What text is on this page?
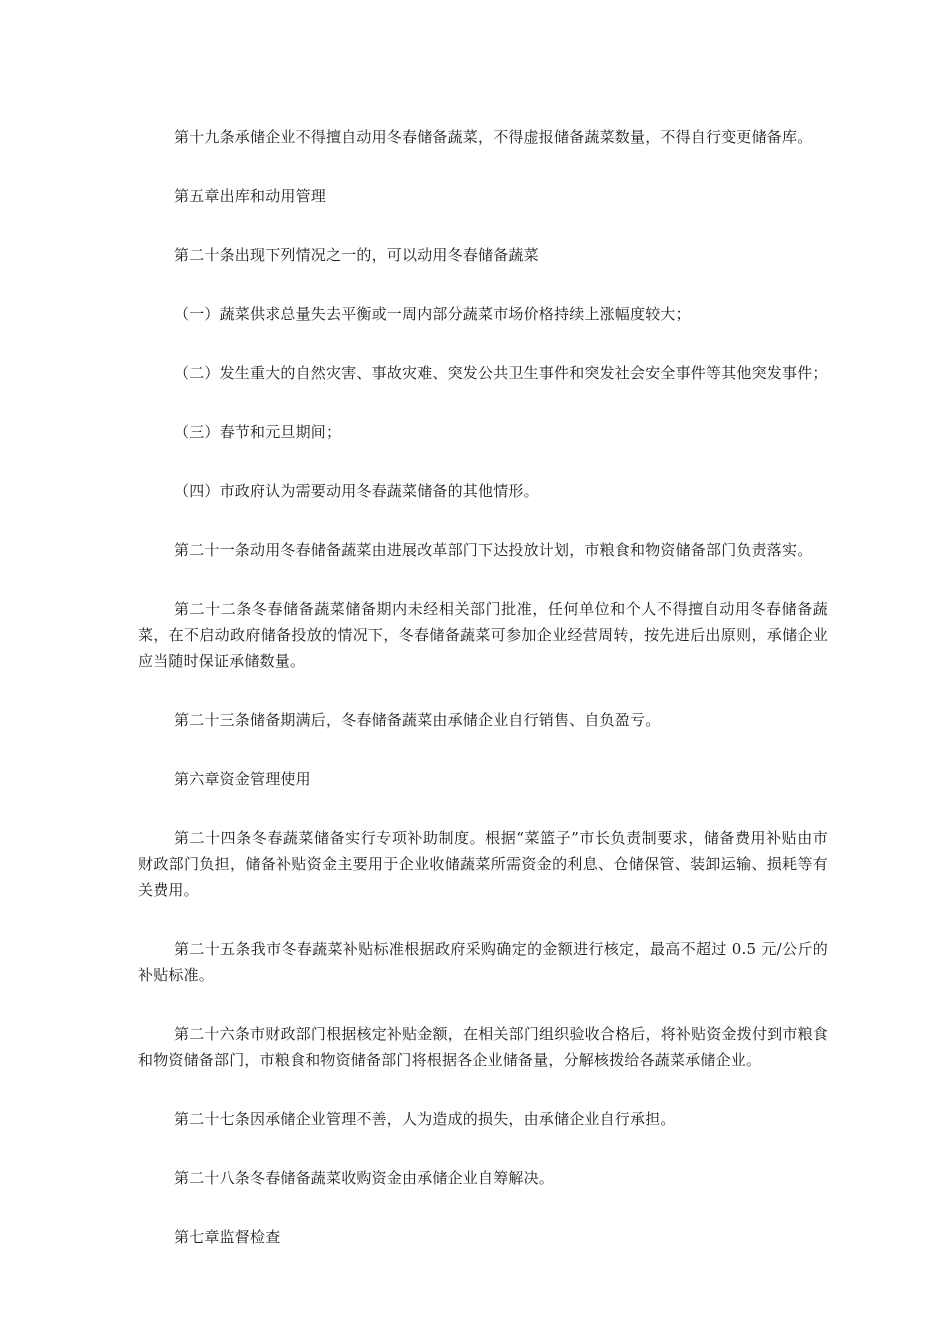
第十九条承储企业不得擅自动用冬春储备蔬菜，不得虚报储备蔬菜数量，不得自行变更储备库。

第五章出库和动用管理

第二十条出现下列情况之一的，可以动用冬春储备蔬菜

（一）蔬菜供求总量失去平衡或一周内部分蔬菜市场价格持续上涨幅度较大；

（二）发生重大的自然灾害、事故灾难、突发公共卫生事件和突发社会安全事件等其他突发事件；

（三）春节和元旦期间；

（四）市政府认为需要动用冬春蔬菜储备的其他情形。

第二十一条动用冬春储备蔬菜由进展改革部门下达投放计划，市粮食和物资储备部门负责落实。

第二十二条冬春储备蔬菜储备期内未经相关部门批准，任何单位和个人不得擅自动用冬春储备蔬菜，在不启动政府储备投放的情况下，冬春储备蔬菜可参加企业经营周转，按先进后出原则，承储企业应当随时保证承储数量。

第二十三条储备期满后，冬春储备蔬菜由承储企业自行销售、自负盈亏。

第六章资金管理使用

第二十四条冬春蔬菜储备实行专项补助制度。根据“菜篮子”市长负责制要求，储备费用补贴由市财政部门负担，储备补贴资金主要用于企业收储蔬菜所需资金的利息、仓储保管、装卸运输、损耗等有关费用。

第二十五条我市冬春蔬菜补贴标准根据政府采购确定的金额进行核定，最高不超过 0.5 元/公斤的补贴标准。

第二十六条市财政部门根据核定补贴金额，在相关部门组织验收合格后，将补贴资金拨付到市粮食和物资储备部门，市粮食和物资储备部门将根据各企业储备量，分解核拨给各蔬菜承储企业。

第二十七条因承储企业管理不善，人为造成的损失，由承储企业自行承担。

第二十八条冬春储备蔬菜收购资金由承储企业自筹解决。

第七章监督检查
